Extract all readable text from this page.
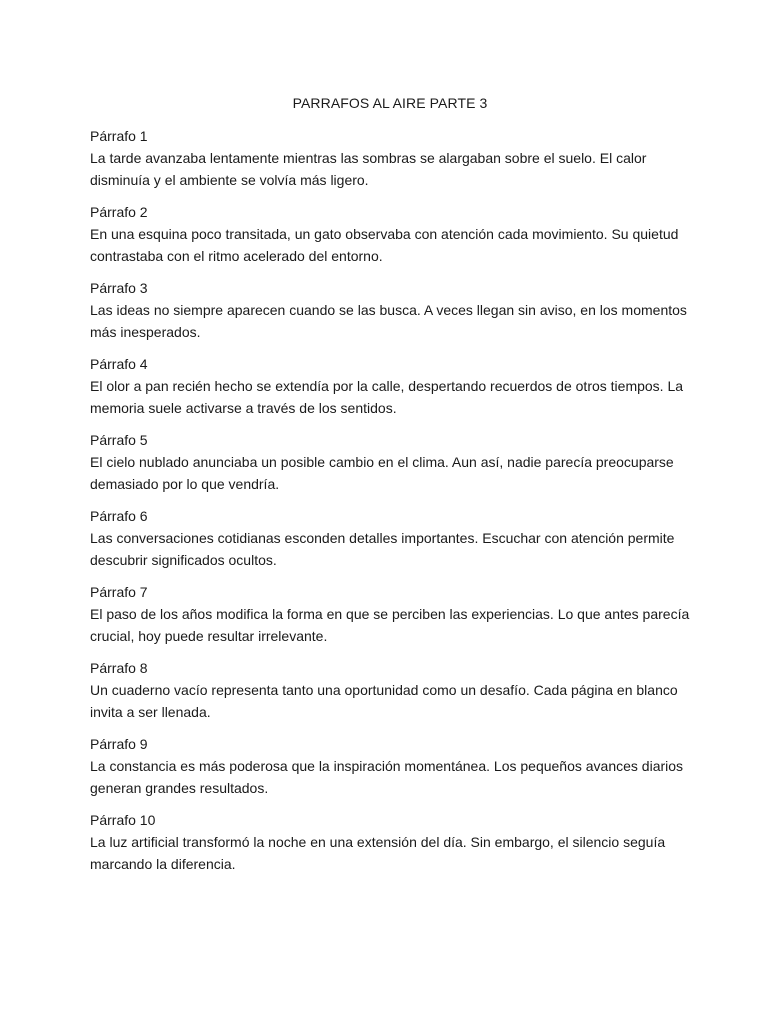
PARRAFOS AL AIRE PARTE 3
Párrafo 1
La tarde avanzaba lentamente mientras las sombras se alargaban sobre el suelo. El calor disminuía y el ambiente se volvía más ligero.
Párrafo 2
En una esquina poco transitada, un gato observaba con atención cada movimiento. Su quietud contrastaba con el ritmo acelerado del entorno.
Párrafo 3
Las ideas no siempre aparecen cuando se las busca. A veces llegan sin aviso, en los momentos más inesperados.
Párrafo 4
El olor a pan recién hecho se extendía por la calle, despertando recuerdos de otros tiempos. La memoria suele activarse a través de los sentidos.
Párrafo 5
El cielo nublado anunciaba un posible cambio en el clima. Aun así, nadie parecía preocuparse demasiado por lo que vendría.
Párrafo 6
Las conversaciones cotidianas esconden detalles importantes. Escuchar con atención permite descubrir significados ocultos.
Párrafo 7
El paso de los años modifica la forma en que se perciben las experiencias. Lo que antes parecía crucial, hoy puede resultar irrelevante.
Párrafo 8
Un cuaderno vacío representa tanto una oportunidad como un desafío. Cada página en blanco invita a ser llenada.
Párrafo 9
La constancia es más poderosa que la inspiración momentánea. Los pequeños avances diarios generan grandes resultados.
Párrafo 10
La luz artificial transformó la noche en una extensión del día. Sin embargo, el silencio seguía marcando la diferencia.
